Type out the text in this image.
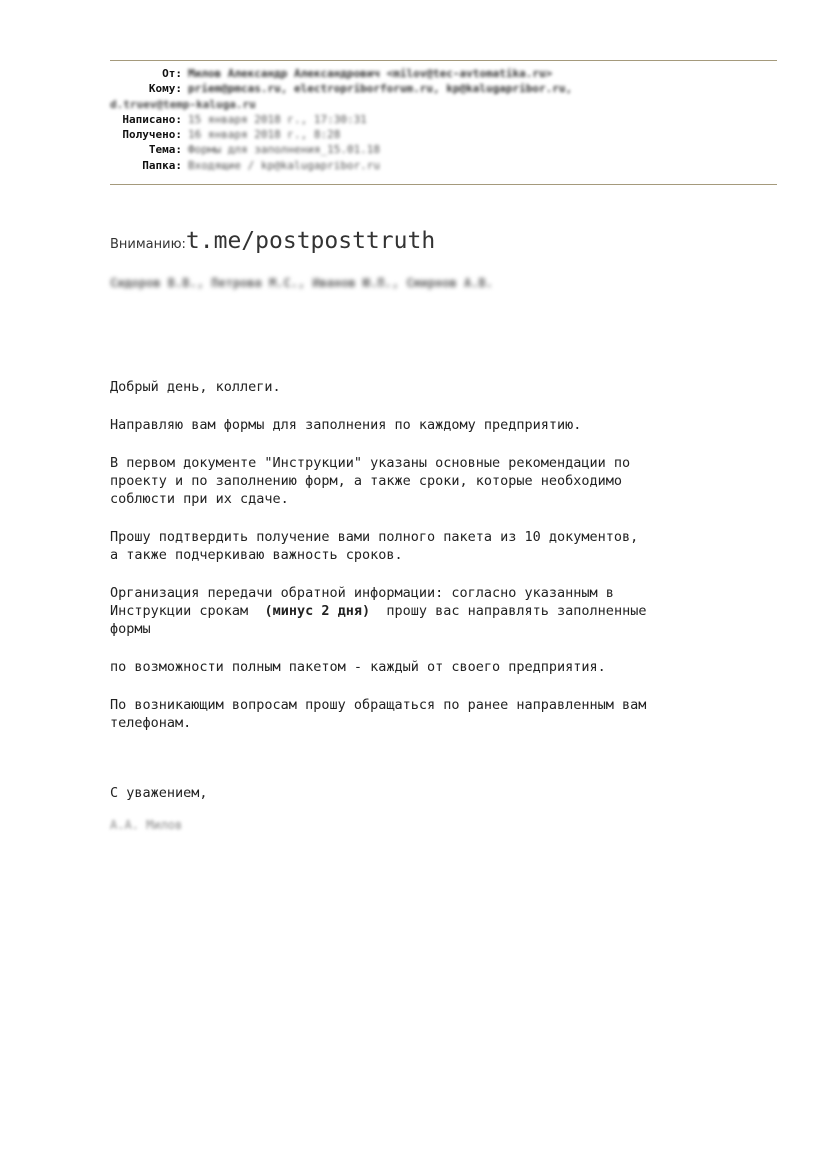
От: Милов Александр Александрович <milov@tec-avtomatika.ru>
Кому: priem@pmcas.ru, electropriborforum.ru, kp@kalugapribor.ru,
d.truev@temp-kaluga.ru
Написано: 15 января 2018 г., 17:30:31
Получено: 16 января 2018 г., 8:28
Тема: Формы для заполнения_15.01.18
Папка: Входящие / kp@kalugapribor.ru
Вниманию:t.me/postposttruth
Сидоров В.В., Петрова М.С., Иванов Ю.П., Смирнов А.В.

Добрый день, коллеги.

Направляю вам формы для заполнения по каждому предприятию.

В первом документе "Инструкции" указаны основные рекомендации по

проекту и по заполнению форм, а также сроки, которые необходимо

соблюсти при их сдаче.

Прошу подтвердить получение вами полного пакета из 10 документов,

а также подчеркиваю важность сроков.

Организация передачи обратной информации: согласно указанным в

Инструкции срокам  (минус 2 дня)  прошу вас направлять заполненные

формы

по возможности полным пакетом - каждый от своего предприятия.

По возникающим вопросам прошу обращаться по ранее направленным вам

телефонам.

С уважением,

А.А. Милов
